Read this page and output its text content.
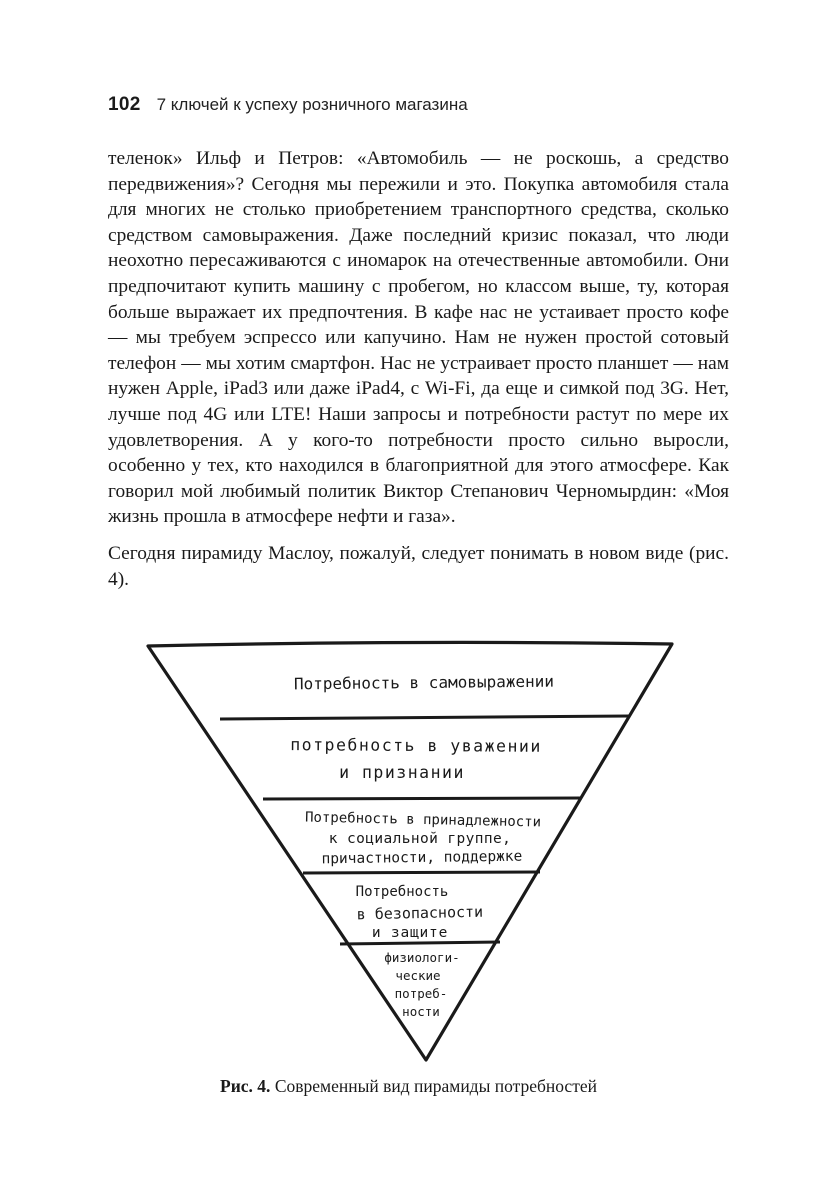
102 7 ключей к успеху розничного магазина

теленок» Ильф и Петров: «Автомобиль — не роскошь, а средство передвижения»? Сегодня мы пережили и это. Покупка автомобиля стала для многих не столько приобретением транспортного средства, сколько средством самовыражения. Даже последний кризис показал, что люди неохотно пересаживаются с иномарок на отечественные автомобили. Они предпочитают купить машину с пробегом, но классом выше, ту, которая больше выражает их предпочтения. В кафе нас не устаивает просто кофе — мы требуем эспрессо или капучино. Нам не нужен простой сотовый телефон — мы хотим смартфон. Нас не устраивает просто планшет — нам нужен Apple, iPad3 или даже iPad4, с Wi-Fi, да еще и симкой под 3G. Нет, лучше под 4G или LTE! Наши запросы и потребности растут по мере их удовлетворения. А у кого-то потребности просто сильно выросли, особенно у тех, кто находился в благоприятной для этого атмосфере. Как говорил мой любимый политик Виктор Степанович Черномырдин: «Моя жизнь прошла в атмосфере нефти и газа».

Сегодня пирамиду Маслоу, пожалуй, следует понимать в новом виде (рис. 4).

Потребность в самовыражении
потребность в уважении
и признании
Потребность в принадлежности
к социальной группе,
причастности, поддержке
Потребность
в безопасности
и защите
физиологи-
ческие
потреб-
ности
Рис. 4. Современный вид пирамиды потребностей
